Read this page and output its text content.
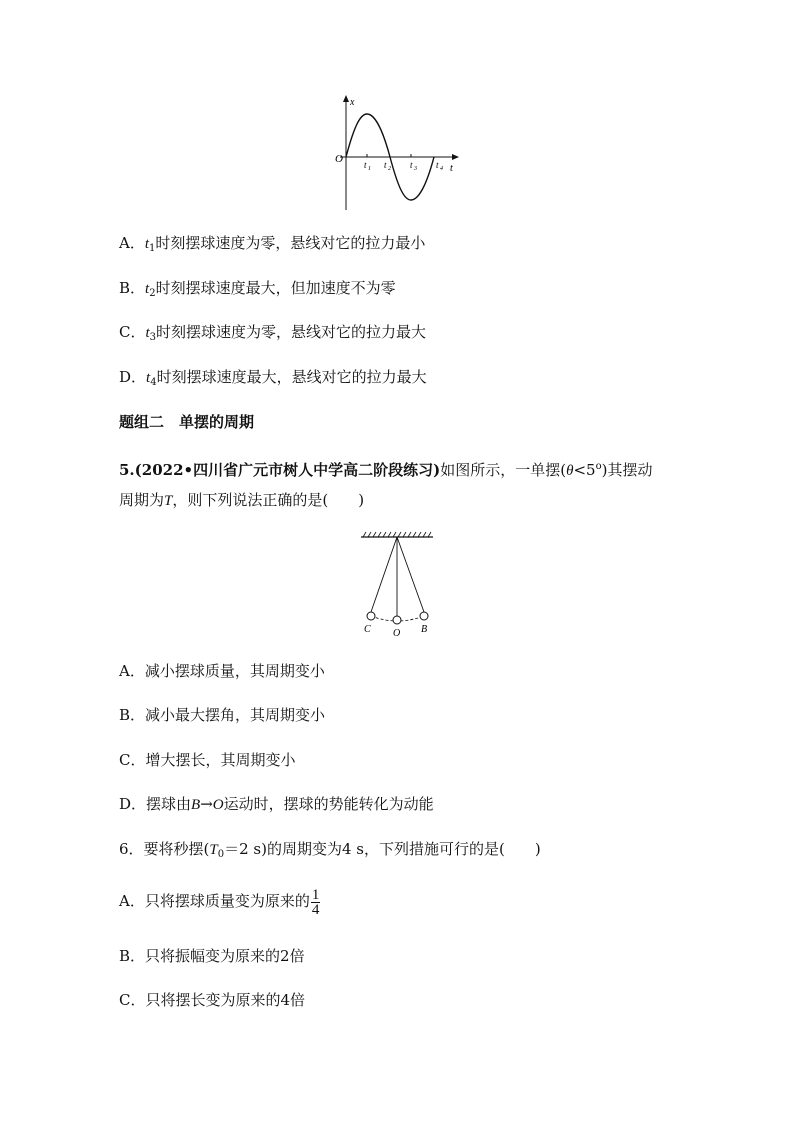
x
t
O t 1 t 2 t 3 t 4
A．$t_1$时刻摆球速度为零，悬线对它的拉力最小
B．$t_2$时刻摆球速度最大，但加速度不为零
C．$t_3$时刻摆球速度为零，悬线对它的拉力最大
D．$t_4$时刻摆球速度最大，悬线对它的拉力最大
题组二　单摆的周期
5.(2022•四川省广元市树人中学高二阶段练习)如图所示，一单摆$(\theta<5^o)$其摆动
周期为T，则下列说法正确的是(　　)
C O B
A．减小摆球质量，其周期变小
B．减小最大摆角，其周期变小
C．增大摆长，其周期变小
D．摆球由B→O运动时，摆球的势能转化为动能
6．要将秒摆($T_0=2$ s)的周期变为4 s，下列措施可行的是(　　)
A．只将摆球质量变为原来的 $\frac{1}{4}$
B．只将振幅变为原来的2倍
C．只将摆长变为原来的4倍
